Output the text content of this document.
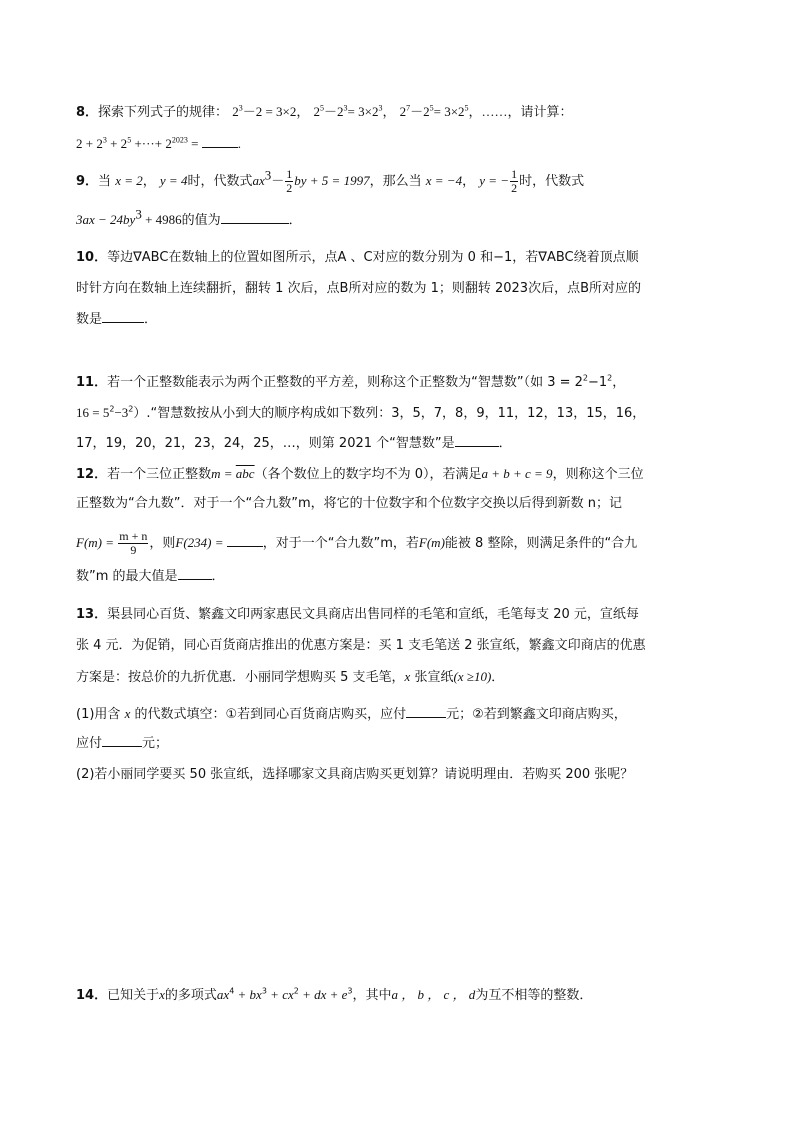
8．探索下列式子的规律： $2^3-2 = 3\times 2$， $2^5-2^3= 3\times 2^3$， $2^7-2^5= 3\times 2^5$，……，请计算：
$2 + 2^3 + 2^5$ +···+ $2^{2023}$ =	.
9．当 x = 2， y = 4时，代数式$ax^3- \frac{1}{2}$ by + 5 = 1997，那么当 x = −4， y = − $\frac{1}{2}$ 时，代数式
$3ax - 24by^3 + 4986$的值为	．
10．等边∇ABC在数轴上的位置如图所示，点A 、C对应的数分别为 0 和−1，若∇ABC绕着顶点顺
时针方向在数轴上连续翻折，翻转 1 次后，点B所对应的数为 1；则翻转 2023次后，点B所对应的
数是	．
11．若一个正整数能表示为两个正整数的平方差，则称这个正整数为“智慧数”（如 $3 = 2^2-1^2$，
$16 = 5^2-3^2).“$智慧数按从小到大的顺序构成如下数列：3，5，7，8，9，11，12，13，15，16，
17，19，20，21，23，24，25，…，则第 2021 个“智慧数”是	．
12．若一个三位正整数$m = \overline{abc}$（各个数位上的数字均不为 0），若满足a + b + c = 9，则称这个三位
正整数为“合九数”．对于一个“合九数”m，将它的十位数字和个位数字交换以后得到新数 n；记
$F(m) = \frac{m + n}{9}$ ，则F(234) =	，对于一个“合九数”m，若F(m)能被 8 整除，则满足条件的“合九
数”m 的最大值是	．
13．渠县同心百货、繁鑫文印两家惠民文具商店出售同样的毛笔和宣纸，毛笔每支 20 元，宣纸每
张 4 元．为促销，同心百货商店推出的优惠方案是：买 1 支毛笔送 2 张宣纸，繁鑫文印商店的优惠
方案是：按总价的九折优惠．小丽同学想购买 5 支毛笔，x 张宣纸(x ≥10)．
(1)用含 x 的代数式填空：①若到同心百货商店购买，应付	元；②若到繁鑫文印商店购买，
应付	元；
(2)若小丽同学要买 50 张宣纸，选择哪家文具商店购买更划算？请说明理由．若购买 200 张呢？
14．已知关于x的多项式$ax^4 + bx^3 + cx^2$ + dx + $e^3$，其中a ， b ， c ， d为互不相等的整数．
